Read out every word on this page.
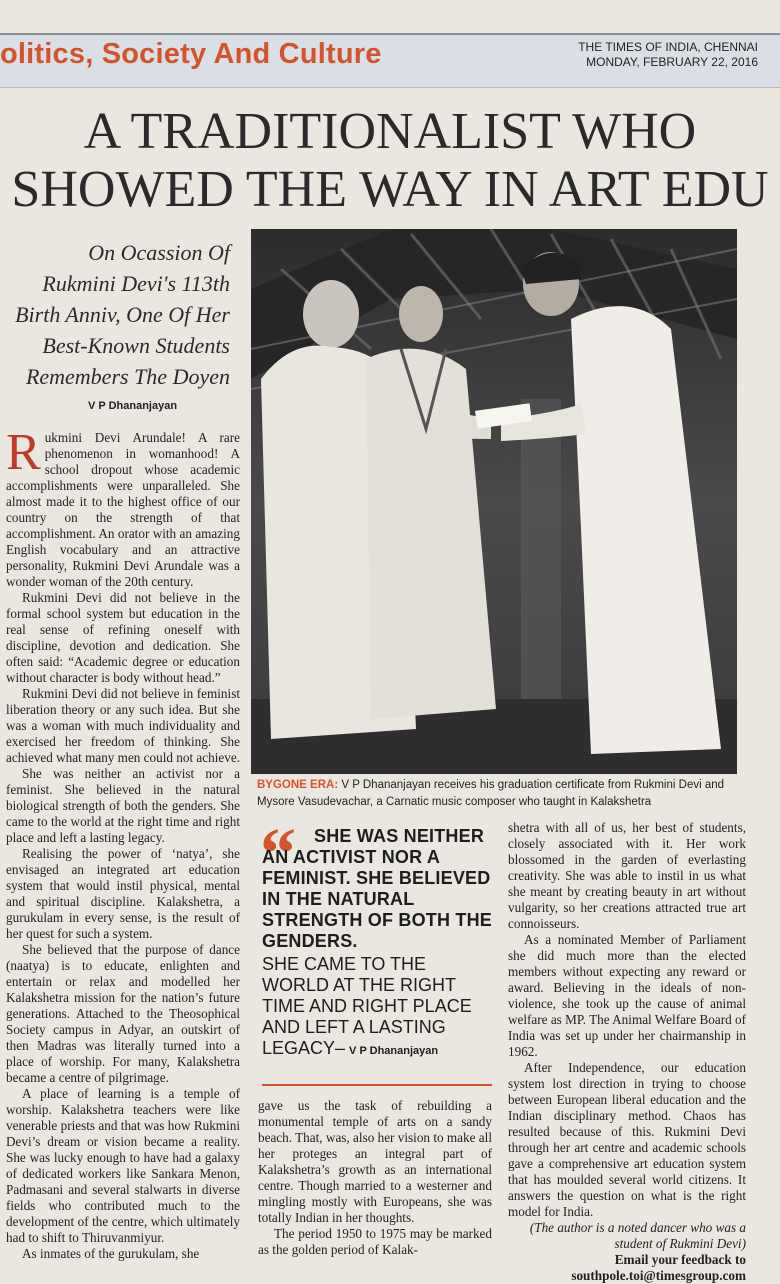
olitics, Society And Culture	THE TIMES OF INDIA, CHENNAI
MONDAY, FEBRUARY 22, 2016
A TRADITIONALIST WHO
SHOWED THE WAY IN ART EDU
On Ocassion Of
Rukmini Devi's 113th
Birth Anniv, One Of Her
Best-Known Students
Remembers The Doyen
V P Dhananjayan
BYGONE ERA: V P Dhananjayan receives his graduation certificate from Rukmini Devi and Mysore Vasudevachar, a Carnatic music composer who taught in Kalakshetra

Rukmini Devi Arundale! A rare phenomenon in womanhood! A school dropout whose academic accomplishments were unparalleled. She almost made it to the highest office of our country on the strength of that accomplishment. An orator with an amazing English vocabulary and an attractive personality, Rukmini Devi Arundale was a wonder woman of the 20th century.

Rukmini Devi did not believe in the formal school system but education in the real sense of refining oneself with discipline, devotion and dedication. She often said: “Academic degree or education without character is body without head.”

Rukmini Devi did not believe in feminist liberation theory or any such idea. But she was a woman with much individuality and exercised her freedom of thinking. She achieved what many men could not achieve.

She was neither an activist nor a feminist. She believed in the natural biological strength of both the genders. She came to the world at the right time and right place and left a lasting legacy.

Realising the power of ‘natya’, she envisaged an integrated art education system that would instil physical, mental and spiritual discipline. Kalakshetra, a gurukulam in every sense, is the result of her quest for such a system.

She believed that the purpose of dance (naatya) is to educate, enlighten and entertain or relax and modelled her Kalakshetra mission for the nation’s future generations. Attached to the Theosophical Society campus in Adyar, an outskirt of then Madras was literally turned into a place of worship. For many, Kalakshetra became a centre of pilgrimage.

A place of learning is a temple of worship. Kalakshetra teachers were like venerable priests and that was how Rukmini Devi’s dream or vision became a reality. She was lucky enough to have had a galaxy of dedicated workers like Sankara Menon, Padmasani and several stalwarts in diverse fields who contributed much to the development of the centre, which ultimately had to shift to Thiruvanmiyur.

As inmates of the gurukulam, she

“	SHE WAS NEITHER AN ACTIVIST NOR A FEMINIST. SHE BELIEVED IN THE NATURAL STRENGTH OF BOTH THE GENDERS.
SHE CAME TO THE WORLD AT THE RIGHT TIME AND RIGHT PLACE AND LEFT A LASTING LEGACY– V P Dhananjayan

gave us the task of rebuilding a monumental temple of arts on a sandy beach. That, was, also her vision to make all her proteges an integral part of Kalakshetra’s growth as an international centre. Though married to a westerner and mingling mostly with Europeans, she was totally Indian in her thoughts.

The period 1950 to 1975 may be marked as the golden period of Kalak-

shetra with all of us, her best of students, closely associated with it. Her work blossomed in the garden of everlasting creativity. She was able to instil in us what she meant by creating beauty in art without vulgarity, so her creations attracted true art connoisseurs.

As a nominated Member of Parliament she did much more than the elected members without expecting any reward or award. Believing in the ideals of non-violence, she took up the cause of animal welfare as MP. The Animal Welfare Board of India was set up under her chairmanship in 1962.

After Independence, our education system lost direction in trying to choose between European liberal education and the Indian disciplinary method. Chaos has resulted because of this. Rukmini Devi through her art centre and academic schools gave a comprehensive art education system that has moulded several world citizens. It answers the question on what is the right model for India.

(The author is a noted dancer who was a student of Rukmini Devi)

Email your feedback to

southpole.toi@timesgroup.com
